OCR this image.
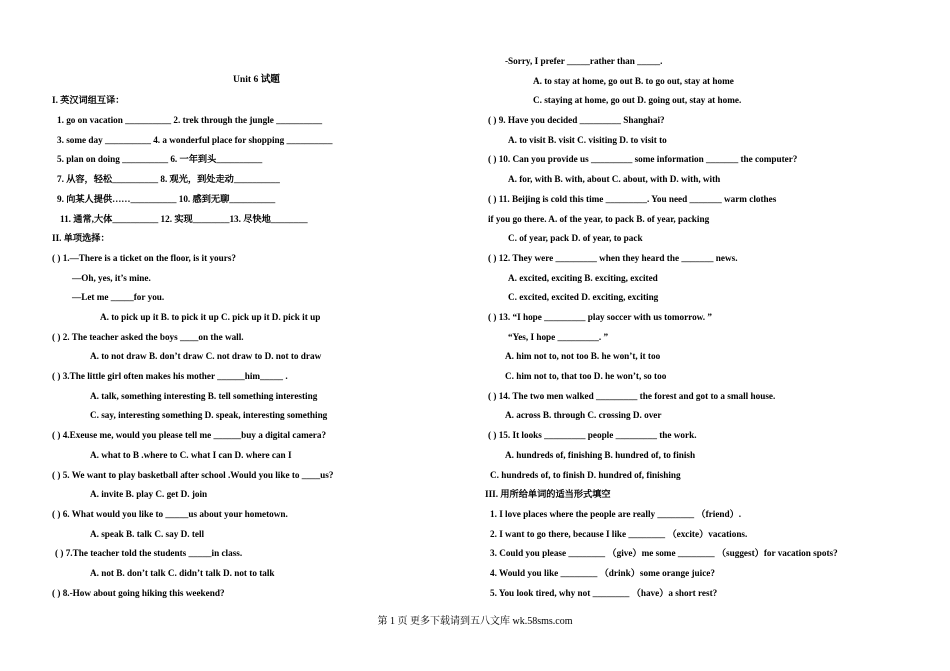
Unit 6 试题
I. 英汉词组互译：
1. go on vacation __________ 2. trek through the jungle __________
3. some day __________ 4. a wonderful place for shopping __________
5. plan on doing __________ 6. 一年到头__________
7. 从容，轻松__________ 8. 观光，到处走动__________
9. 向某人提供……__________ 10. 感到无聊__________
11. 通常,大体__________ 12. 实现________13. 尽快地________
II. 单项选择：
( ) 1.—There is a ticket on the floor, is it yours?
—Oh, yes, it’s mine.
—Let me _____for you.
A. to pick up it B. to pick it up C. pick up it D. pick it up
( ) 2. The teacher asked the boys ____on the wall.
A. to not draw B. don’t draw C. not draw to D. not to draw
( ) 3.The little girl often makes his mother ______him_____ .
A. talk, something interesting B. tell something interesting
C. say, interesting something D. speak, interesting something
( ) 4.Exeuse me, would you please tell me ______buy a digital camera?
A. what to B .where to C. what I can D. where can I
( ) 5. We want to play basketball after school .Would you like to ____us?
A. invite B. play C. get D. join
( ) 6. What would you like to _____us about your hometown.
A. speak B. talk C. say D. tell
( ) 7.The teacher told the students _____in class.
A. not B. don’t talk C. didn’t talk D. not to talk
( ) 8.-How about going hiking this weekend?
-Sorry, I prefer _____rather than _____.
A. to stay at home, go out B. to go out, stay at home
C. staying at home, go out D. going out, stay at home.
( ) 9. Have you decided _________ Shanghai?
A. to visit B. visit C. visiting D. to visit to
( ) 10. Can you provide us _________ some information _______ the computer?
A. for, with B. with, about C. about, with D. with, with
( ) 11. Beijing is cold this time _________. You need _______ warm clothes
if you go there. A. of the year, to pack B. of year, packing
C. of year, pack D. of year, to pack
( ) 12. They were _________ when they heard the _______ news.
A. excited, exciting B. exciting, excited
C. excited, excited D. exciting, exciting
( ) 13. “I hope _________ play soccer with us tomorrow. ”
“Yes, I hope _________. ”
A. him not to, not too B. he won’t, it too
C. him not to, that too D. he won’t, so too
( ) 14. The two men walked _________ the forest and got to a small house.
A. across B. through C. crossing D. over
( ) 15. It looks _________ people _________ the work.
A. hundreds of, finishing B. hundred of, to finish
C. hundreds of, to finish D. hundred of, finishing
III. 用所给单词的适当形式填空
1. I love places where the people are really ________ （friend）.
2. I want to go there, because I like ________ （excite）vacations.
3. Could you please ________ （give）me some ________ （suggest）for vacation spots?
4. Would you like ________ （drink）some orange juice?
5. You look tired, why not ________ （have）a short rest?
第 1 页 更多下载请到五八文库 wk.58sms.com
